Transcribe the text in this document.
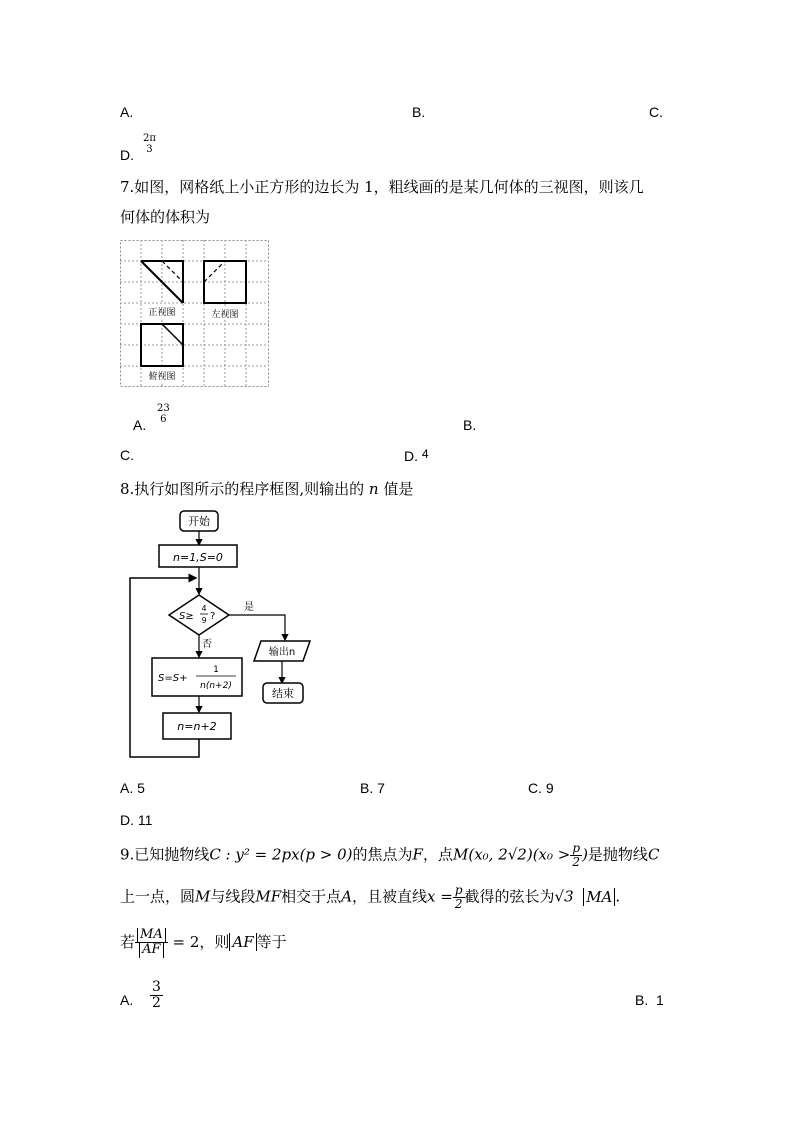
A.	B.	C.
D.
2π
3
7.如图，网格纸上小正方形的边长为 1，粗线画的是某几何体的三视图，则该几
何体的体积为
正视图	左视图
俯视图
A.
23
6	B.
C.	D. 4
8.执行如图所示的程序框图,则输出的 n 值是
开始
n=1,S=0
S≥
4
9 ?
是
输出n
结束
否
S=S+
1
n(n+2)
n=n+2
A. 5	B. 7	C. 9
D. 11
9.已知抛物线C : y² = 2px(p > 0)的焦点为F，点M(x₀, $2√2)(x_0 > \frac{p}{2}$ )是抛物线C
上一点，圆M与线段MF相交于点A，且被直线$x = \frac{p}{2}$ 截得的弦长为√3 MA .
若 $\frac{MA}{AF} = 2$，则 AF 等于
A. $\frac{3}{2}$	B. 1
